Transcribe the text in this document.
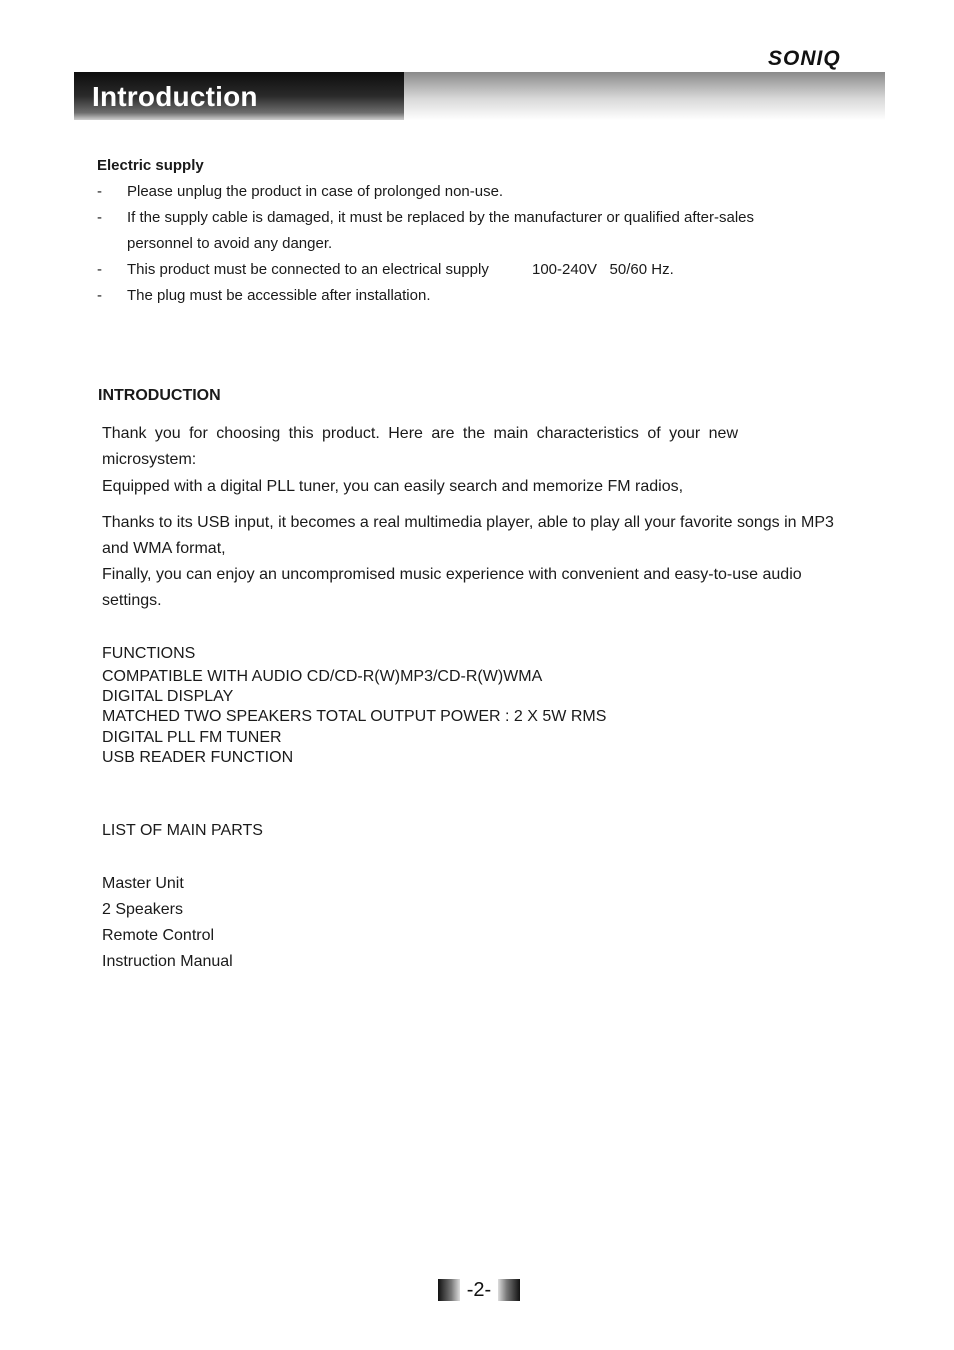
SONIQ
Introduction
Electric supply
- Please unplug the product in case of prolonged non-use.
- If the supply cable is damaged, it must be replaced by the manufacturer or qualified after-sales
personnel to avoid any danger.
- This product must be connected to an electrical supply	100-240V   50/60 Hz.
- The plug must be accessible after installation.
INTRODUCTION
Thank you for choosing this product. Here are the main characteristics of your new
microsystem:
Equipped with a digital PLL tuner, you can easily search and memorize FM radios,
Thanks to its USB input, it becomes a real multimedia player, able to play all your favorite songs in MP3
and WMA format,
Finally, you can enjoy an uncompromised music experience with convenient and easy-to-use audio
settings.
FUNCTIONS
COMPATIBLE WITH AUDIO CD/CD-R(W)MP3/CD-R(W)WMA
DIGITAL DISPLAY
MATCHED TWO SPEAKERS TOTAL OUTPUT POWER : 2 X 5W RMS
DIGITAL PLL FM TUNER
USB READER FUNCTION
LIST OF MAIN PARTS
Master Unit
2 Speakers
Remote Control
Instruction Manual
-2-
